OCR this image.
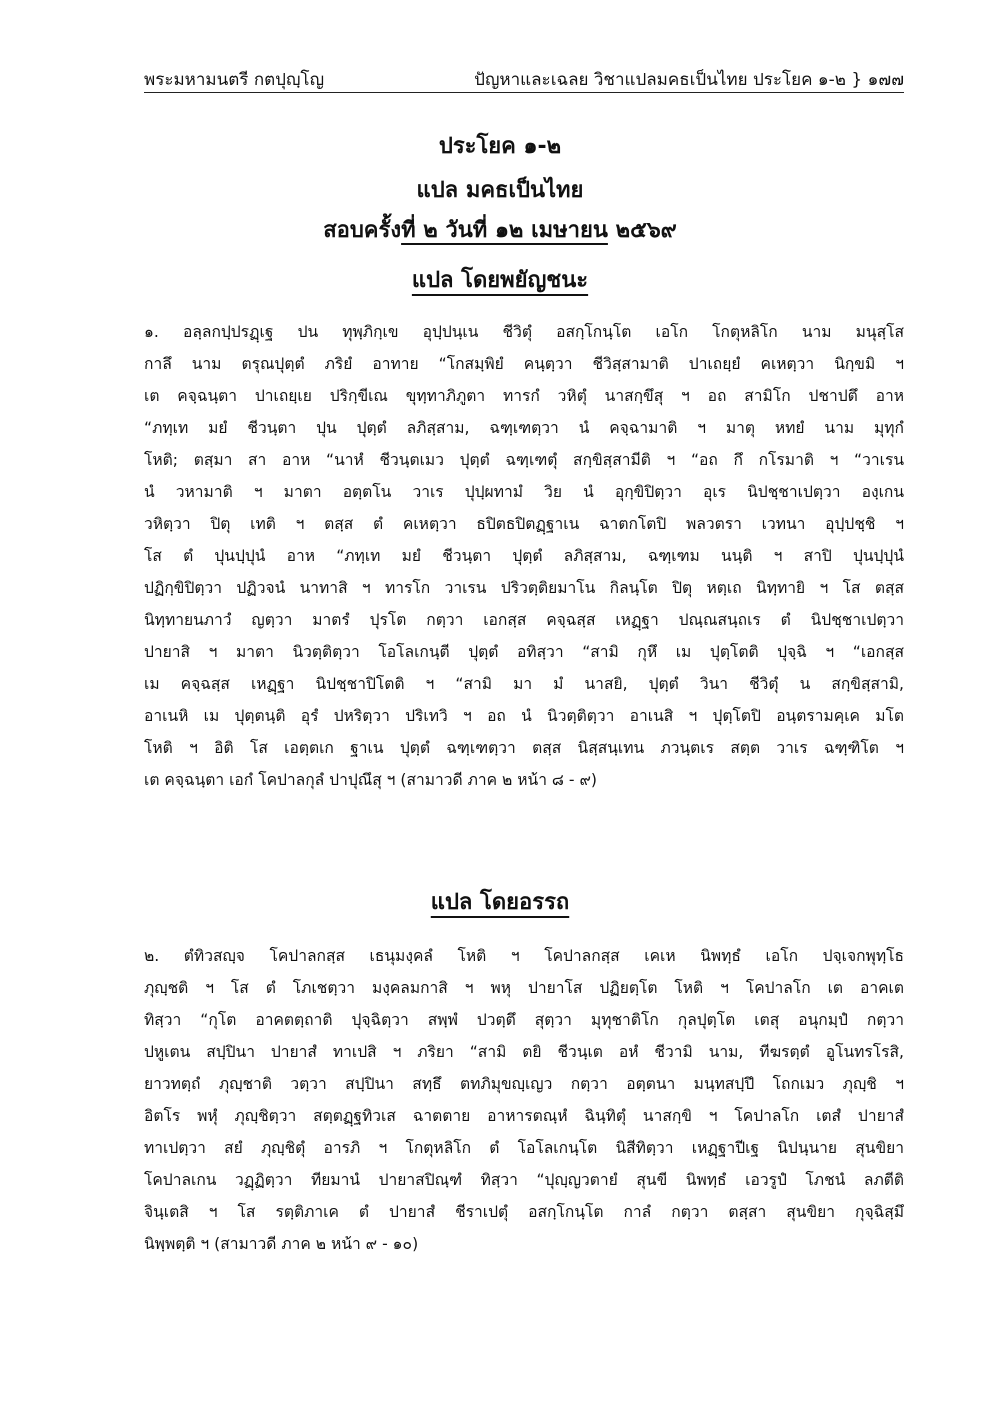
พระมหามนตรี กตปุญฺโญ	ปัญหาและเฉลย วิชาแปลมคธเป็นไทย ประโยค ๑-๒ } ๑๗๗
ประโยค ๑-๒
แปล มคธเป็นไทย
สอบครั้งที่ ๒ วันที่ ๑๒ เมษายน ๒๕๖๙
แปล โดยพยัญชนะ
๑. อลฺลกปฺปรฏฺเฐ ปน ทุพฺภิกฺเข อุปฺปนฺเน ชีวิตุํ อสกฺโกนฺโต เอโก โกตุหลิโก นาม มนุสฺโส
กาลึ นาม ตรุณปุตฺตํ ภริยํ อาทาย “โกสมฺพิยํ คนฺตฺวา ชีวิสฺสามาติ ปาเถยฺยํ คเหตฺวา นิกฺขมิ ฯ
เต คจฺฉนฺตา ปาเถยฺเย ปริกฺขีเณ ขุทฺทาภิภูตา ทารกํ วหิตุํ นาสกฺขึสุ ฯ อถ สามิโก ปชาปตึ อาห
“ภทฺเท มยํ ชีวนฺตา ปุน ปุตฺตํ ลภิสฺสาม, ฉฑฺเฑตฺวา นํ คจฺฉามาติ ฯ มาตุ หทยํ นาม มุทุกํ
โหติ; ตสฺมา สา อาห “นาหํ ชีวนฺตเมว ปุตฺตํ ฉฑฺเฑตุํ สกฺขิสฺสามีติ ฯ “อถ กึ กโรมาติ ฯ “วาเรน
นํ วหามาติ ฯ มาตา อตฺตโน วาเร ปุปฺผทามํ วิย นํ อุกฺขิปิตฺวา อุเร นิปชฺชาเปตฺวา องฺเกน
วหิตฺวา ปิตุ เทติ ฯ ตสฺส ตํ คเหตฺวา ธปิตธปิตฏฺฐาเน ฉาตกโตปิ พลวตรา เวทนา อุปฺปชฺชิ ฯ
โส ตํ ปุนปฺปุนํ อาห “ภทฺเท มยํ ชีวนฺตา ปุตฺตํ ลภิสฺสาม, ฉฑฺเฑม นนฺติ ฯ สาปิ ปุนปฺปุนํ
ปฏิกฺขิปิตฺวา ปฏิวจนํ นาทาสิ ฯ ทารโก วาเรน ปริวตฺติยมาโน กิลนฺโต ปิตุ หตฺเถ นิทฺทายิ ฯ โส ตสฺส
นิทฺทายนภาวํ ญตฺวา มาตรํ ปุรโต กตฺวา เอกสฺส คจฺฉสฺส เหฏฺฐา ปณฺณสนฺถเร ตํ นิปชฺชาเปตฺวา
ปายาสิ ฯ มาตา นิวตฺติตฺวา โอโลเกนฺตี ปุตฺตํ อทิสฺวา “สามิ กุหึ เม ปุตฺโตติ ปุจฺฉิ ฯ “เอกสฺส
เม คจฺฉสฺส เหฏฺฐา นิปชฺชาปิโตติ ฯ “สามิ มา มํ นาสยิ, ปุตฺตํ วินา ชีวิตุํ น สกฺขิสฺสามิ,
อาเนหิ เม ปุตฺตนฺติ อุรํ ปหริตฺวา ปริเทวิ ฯ อถ นํ นิวตฺติตฺวา อาเนสิ ฯ ปุตฺโตปิ อนฺตรามคฺเค มโต
โหติ ฯ อิติ โส เอตฺตเก ฐาเน ปุตฺตํ ฉฑฺเฑตฺวา ตสฺส นิสฺสนฺเทน ภวนฺตเร สตฺต วาเร ฉฑฺฑิโต ฯ
เต คจฺฉนฺตา เอกํ โคปาลกุลํ ปาปุณึสุ ฯ (สามาวดี ภาค ๒ หน้า ๘ - ๙)
แปล โดยอรรถ
๒. ตํทิวสญฺจ โคปาลกสฺส เธนุมงฺคลํ โหติ ฯ โคปาลกสฺส เคเห นิพทฺธํ เอโก ปจฺเจกพุทฺโธ
ภุญฺชติ ฯ โส ตํ โภเชตฺวา มงฺคลมกาสิ ฯ พหุ ปายาโส ปฏิยตฺโต โหติ ฯ โคปาลโก เต อาคเต
ทิสฺวา “กุโต อาคตตฺถาติ ปุจฺฉิตฺวา สพฺพํ ปวตฺตึ สุตฺวา มุทุชาติโก กุลปุตฺโต เตสุ อนุกมฺปํ กตฺวา
ปหูเตน สปฺปินา ปายาสํ ทาเปสิ ฯ ภริยา “สามิ ตยิ ชีวนฺเต อหํ ชีวามิ นาม, ทีฆรตฺตํ อูโนทรโรสิ,
ยาวทตฺถํ ภุญฺชาติ วตฺวา สปฺปินา สทฺธึ ตทภิมุขญฺเญว กตฺวา อตฺตนา มนฺทสปฺปึ โถกเมว ภุญฺชิ ฯ
อิตโร พหุํ ภุญฺชิตฺวา สตฺตฏฺฐทิวเส ฉาตตาย อาหารตณฺหํ ฉินฺทิตุํ นาสกฺขิ ฯ โคปาลโก เตสํ ปายาสํ
ทาเปตฺวา สยํ ภุญฺชิตุํ อารภิ ฯ โกตุหลิโก ตํ โอโลเกนฺโต นิสีทิตฺวา เหฏฺฐาปีเฐ นิปนฺนาย สุนขิยา
โคปาลเกน วฏฺฏิตฺวา ทียมานํ ปายาสปิณฺฑํ ทิสฺวา “ปุญฺญวตายํ สุนขี นิพทฺธํ เอวรูปํ โภชนํ ลภตีติ
จินฺเตสิ ฯ โส รตฺติภาเค ตํ ปายาสํ ชีราเปตุํ อสกฺโกนฺโต กาลํ กตฺวา ตสฺสา สุนขิยา กุจฺฉิสฺมึ
นิพฺพตฺติ ฯ (สามาวดี ภาค ๒ หน้า ๙ - ๑๐)
